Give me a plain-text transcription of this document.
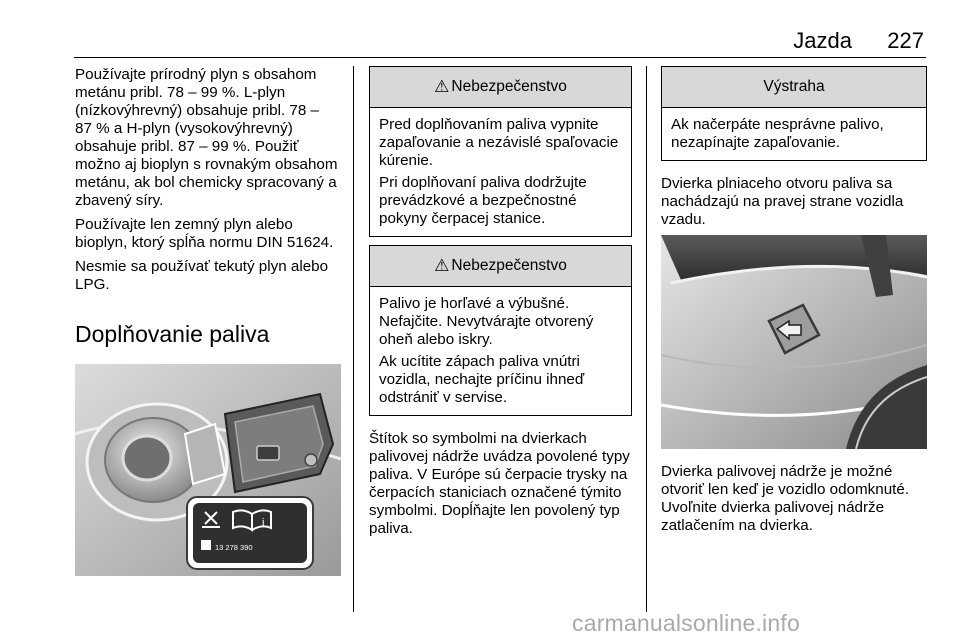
Jazda 227

Používajte prírodný plyn s obsahom metánu pribl. 78 – 99 %. L-plyn (nízkovýhrevný) obsahuje pribl. 78 – 87 % a H-plyn (vysokovýhrevný) obsahuje pribl. 87 – 99 %. Použiť možno aj bioplyn s rovnakým obsahom metánu, ak bol chemicky spracovaný a zbavený síry.

Používajte len zemný plyn alebo bioplyn, ktorý spĺňa normu DIN 51624.

Nesmie sa používať tekutý plyn alebo LPG.

Doplňovanie paliva
i
13 278 390
⚠ Nebezpečenstvo

Pred doplňovaním paliva vypnite zapaľovanie a nezávislé spaľovacie kúrenie.

Pri doplňovaní paliva dodržujte prevádzkové a bezpečnostné pokyny čerpacej stanice.

⚠ Nebezpečenstvo

Palivo je horľavé a výbušné. Nefajčite. Nevytvárajte otvorený oheň alebo iskry.

Ak ucítite zápach paliva vnútri vozidla, nechajte príčinu ihneď odstrániť v servise.

Štítok so symbolmi na dvierkach palivovej nádrže uvádza povolené typy paliva. V Európe sú čerpacie trysky na čerpacích staniciach označené týmito symbolmi. Dopĺňajte len povolený typ paliva.

Výstraha

Ak načerpáte nesprávne palivo, nezapínajte zapaľovanie.

Dvierka plniaceho otvoru paliva sa nachádzajú na pravej strane vozidla vzadu.

Dvierka palivovej nádrže je možné otvoriť len keď je vozidlo odomknuté. Uvoľnite dvierka palivovej nádrže zatlačením na dvierka.

carmanualsonline.info
